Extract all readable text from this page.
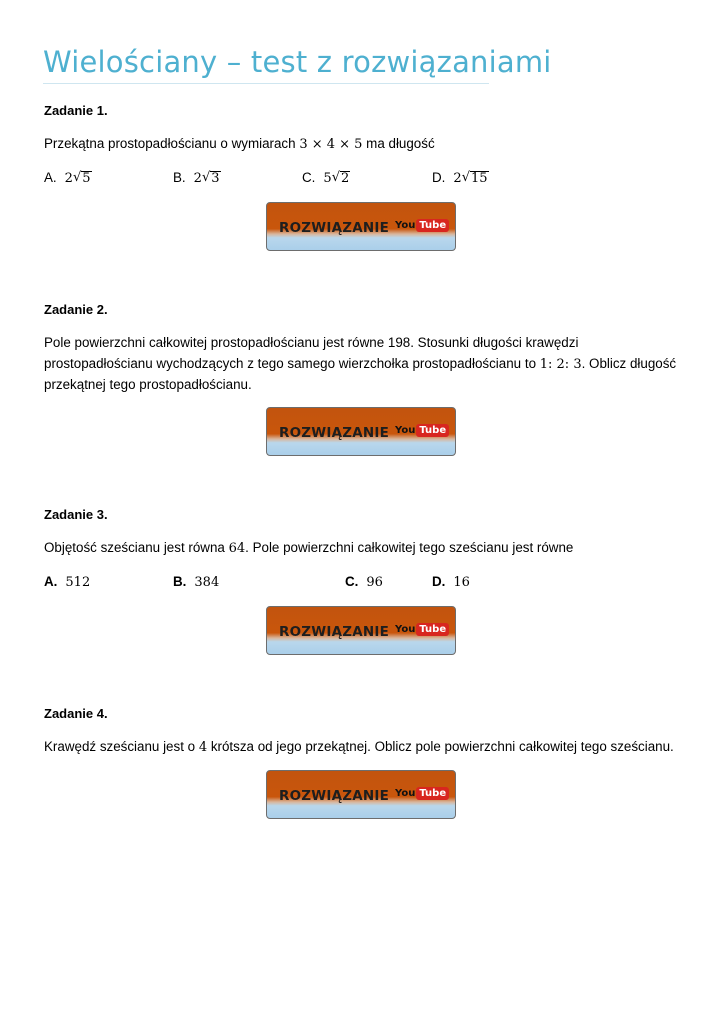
Wielościany – test z rozwiązaniami
Zadanie 1.
Przekątna prostopadłościanu o wymiarach 3 × 4 × 5 ma długość
A. 2 √ 5	B. 2 √ 3	C. 5 √ 2	D. 2 √ 15
ROZWIĄZANIE You Tube
Zadanie 2.
Pole powierzchni całkowitej prostopadłościanu jest równe 198. Stosunki długości krawędzi
prostopadłościanu wychodzących z tego samego wierzchołka prostopadłościanu to 1: 2: 3. Oblicz długość
przekątnej tego prostopadłościanu.
ROZWIĄZANIE You Tube
Zadanie 3.
Objętość sześcianu jest równa 64. Pole powierzchni całkowitej tego sześcianu jest równe
A. 512	B. 384	C. 96	D. 16
ROZWIĄZANIE You Tube
Zadanie 4.
Krawędź sześcianu jest o 4 krótsza od jego przekątnej. Oblicz pole powierzchni całkowitej tego sześcianu.
ROZWIĄZANIE You Tube
